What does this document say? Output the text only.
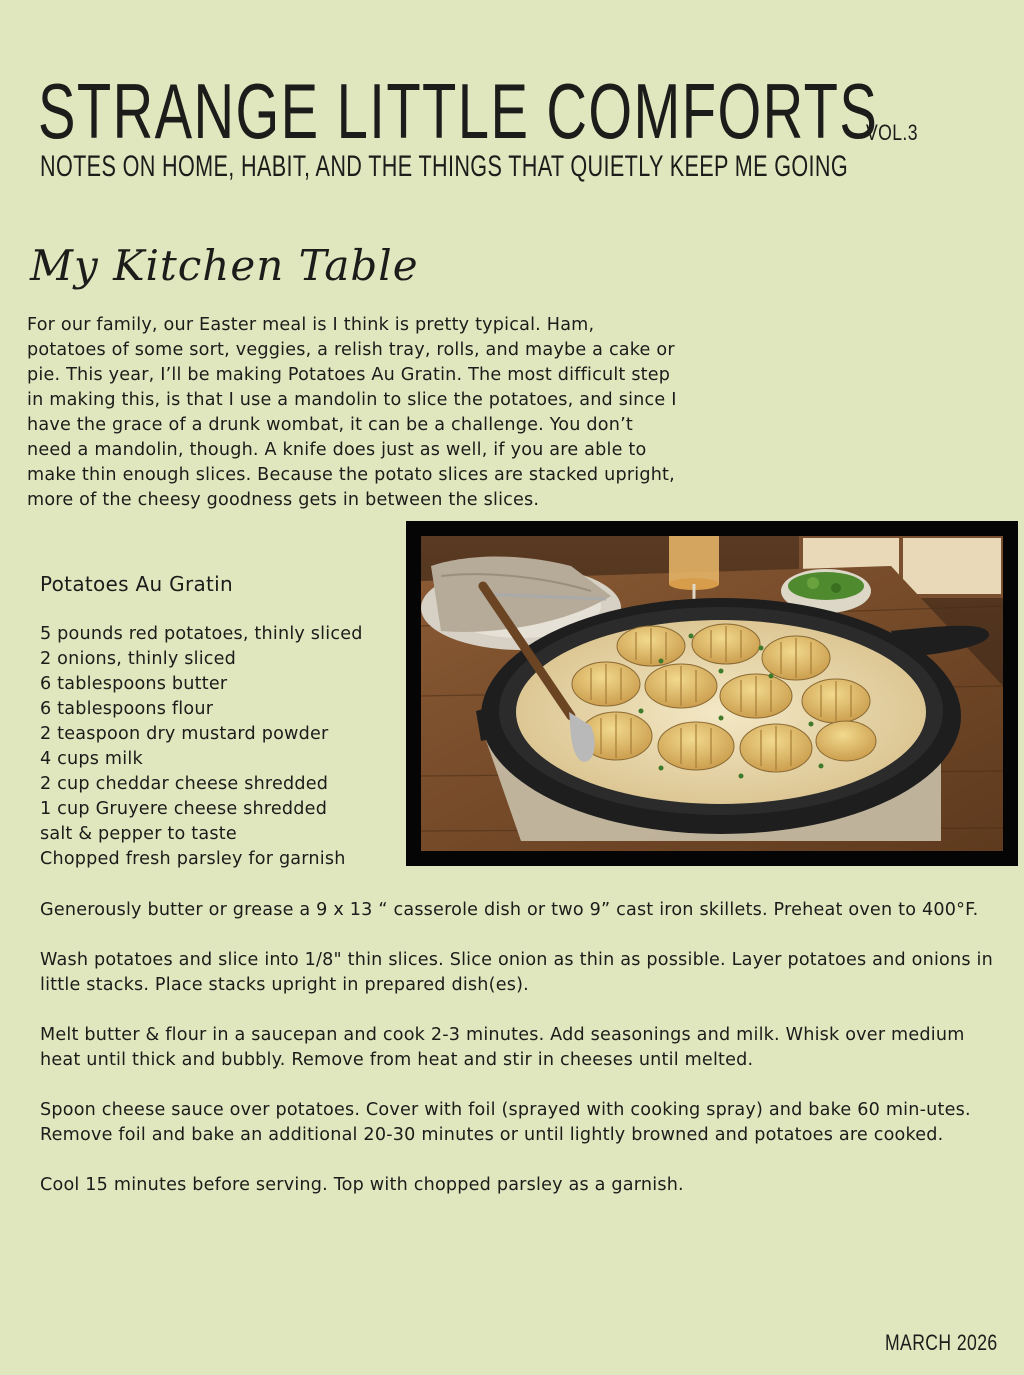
STRANGE LITTLE COMFORTS
VOL.3
NOTES ON HOME, HABIT, AND THE THINGS THAT QUIETLY KEEP ME GOING
My Kitchen Table

For our family, our Easter meal is I think is pretty typical. Ham, potatoes of some sort, veggies, a relish tray, rolls, and maybe a cake or pie. This year, I’ll be making Potatoes Au Gratin. The most difficult step in making this, is that I use a mandolin to slice the potatoes, and since I have the grace of a drunk wombat, it can be a challenge. You don’t need a mandolin, though. A knife does just as well, if you are able to make thin enough slices. Because the potato slices are stacked upright, more of the cheesy goodness gets in between the slices.

Potatoes Au Gratin
5 pounds red potatoes, thinly sliced
2 onions, thinly sliced
6 tablespoons butter
6 tablespoons flour
2 teaspoon dry mustard powder
4 cups milk
2 cup cheddar cheese shredded
1 cup Gruyere cheese shredded
salt & pepper to taste
Chopped fresh parsley for garnish

Generously butter or grease a 9 x 13 “ casserole dish or two 9” cast iron skillets. Preheat oven to 400°F.

Wash potatoes and slice into 1/8" thin slices. Slice onion as thin as possible. Layer potatoes and onions in little stacks. Place stacks upright in prepared dish(es).

Melt butter & flour in a saucepan and cook 2-3 minutes. Add seasonings and milk. Whisk over medium heat until thick and bubbly. Remove from heat and stir in cheeses until melted.

Spoon cheese sauce over potatoes. Cover with foil (sprayed with cooking spray) and bake 60 min-utes. Remove foil and bake an additional 20-30 minutes or until lightly browned and potatoes are cooked.

Cool 15 minutes before serving. Top with chopped parsley as a garnish.

MARCH 2026
